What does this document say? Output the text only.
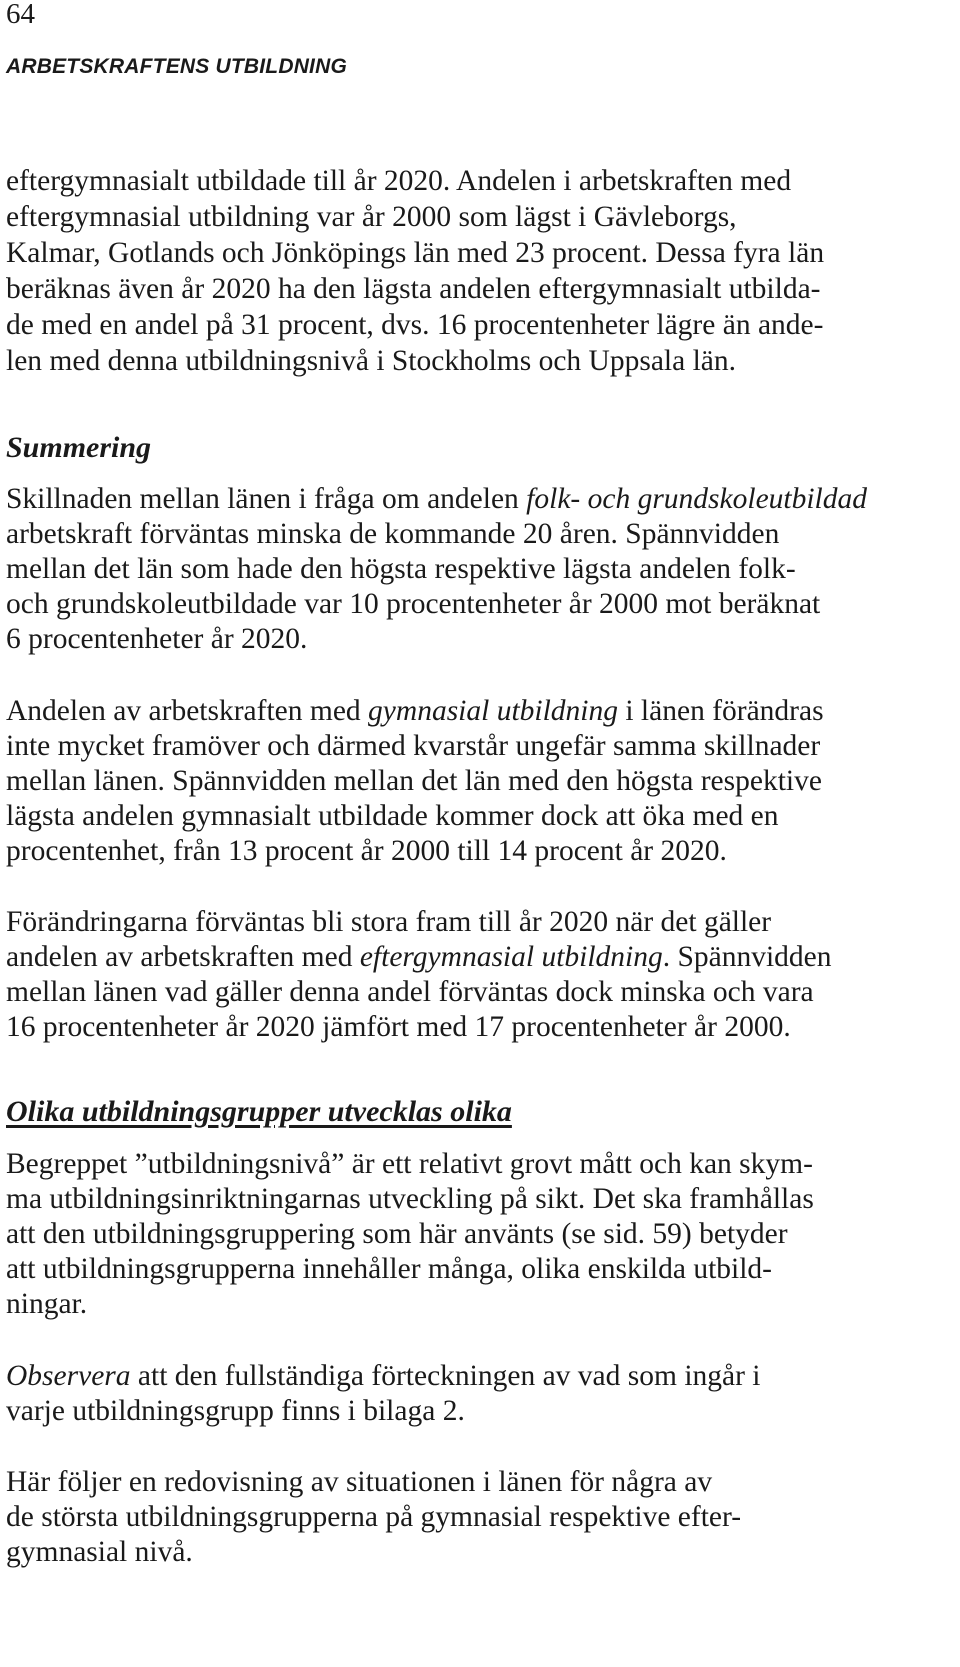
64
ARBETSKRAFTENS UTBILDNING
eftergymnasialt utbildade till år 2020. Andelen i arbetskraften med
eftergymnasial utbildning var år 2000 som lägst i Gävleborgs,
Kalmar, Gotlands och Jönköpings län med 23 procent. Dessa fyra län
beräknas även år 2020 ha den lägsta andelen eftergymnasialt utbilda-
de med en andel på 31 procent, dvs. 16 procentenheter lägre än ande-
len med denna utbildningsnivå i Stockholms och Uppsala län.
Summering
Skillnaden mellan länen i fråga om andelen folk- och grundskoleutbildad
arbetskraft förväntas minska de kommande 20 åren. Spännvidden
mellan det län som hade den högsta respektive lägsta andelen folk-
och grundskoleutbildade var 10 procentenheter år 2000 mot beräknat
6 procentenheter år 2020.
Andelen av arbetskraften med gymnasial utbildning i länen förändras
inte mycket framöver och därmed kvarstår ungefär samma skillnader
mellan länen. Spännvidden mellan det län med den högsta respektive
lägsta andelen gymnasialt utbildade kommer dock att öka med en
procentenhet, från 13 procent år 2000 till 14 procent år 2020.
Förändringarna förväntas bli stora fram till år 2020 när det gäller
andelen av arbetskraften med eftergymnasial utbildning. Spännvidden
mellan länen vad gäller denna andel förväntas dock minska och vara
16 procentenheter år 2020 jämfört med 17 procentenheter år 2000.
Olika utbildningsgrupper utvecklas olika
Begreppet ”utbildningsnivå” är ett relativt grovt mått och kan skym-
ma utbildningsinriktningarnas utveckling på sikt. Det ska framhållas
att den utbildningsgruppering som här använts (se sid. 59) betyder
att utbildningsgrupperna innehåller många, olika enskilda utbild-
ningar.
Observera att den fullständiga förteckningen av vad som ingår i
varje utbildningsgrupp finns i bilaga 2.
Här följer en redovisning av situationen i länen för några av
de största utbildningsgrupperna på gymnasial respektive efter-
gymnasial nivå.
